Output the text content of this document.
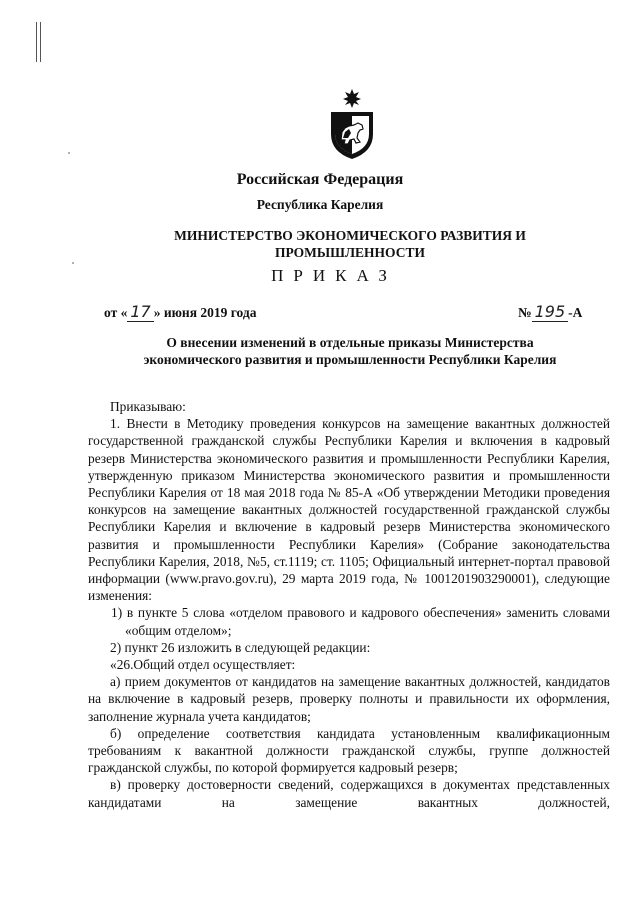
Российская Федерация
Республика Карелия
МИНИСТЕРСТВО ЭКОНОМИЧЕСКОГО РАЗВИТИЯ И ПРОМЫШЛЕННОСТИ
ПРИКАЗ
от « 17 » июня 2019 года	№ 195 -А
О внесении изменений в отдельные приказы Министерства экономического развития и промышленности Республики Карелия

Приказываю:

1. Внести в Методику проведения конкурсов на замещение вакантных должностей государственной гражданской службы Республики Карелия и включения в кадровый резерв Министерства экономического развития и промышленности Республики Карелия, утвержденную приказом Министерства экономического развития и промышленности Республики Карелия от 18 мая 2018 года № 85-А «Об утверждении Методики проведения конкурсов на замещение вакантных должностей государственной гражданской службы Республики Карелия и включение в кадровый резерв Министерства экономического развития и промышленности Республики Карелия» (Собрание законодательства Республики Карелия, 2018, №5, ст.1119; ст. 1105; Официальный интернет-портал правовой информации (www.pravo.gov.ru), 29 марта 2019 года, № 1001201903290001), следующие изменения:

1) в пункте 5 слова «отделом правового и кадрового обеспечения» заменить словами «общим отделом»;

2) пункт 26 изложить в следующей редакции:

«26.Общий отдел осуществляет:

а) прием документов от кандидатов на замещение вакантных должностей, кандидатов на включение в кадровый резерв, проверку полноты и правильности их оформления, заполнение журнала учета кандидатов;

б) определение соответствия кандидата установленным квалификационным требованиям к вакантной должности гражданской службы, группе должностей гражданской службы, по которой формируется кадровый резерв;

в) проверку достоверности сведений, содержащихся в документах представленных кандидатами на замещение вакантных должностей,
